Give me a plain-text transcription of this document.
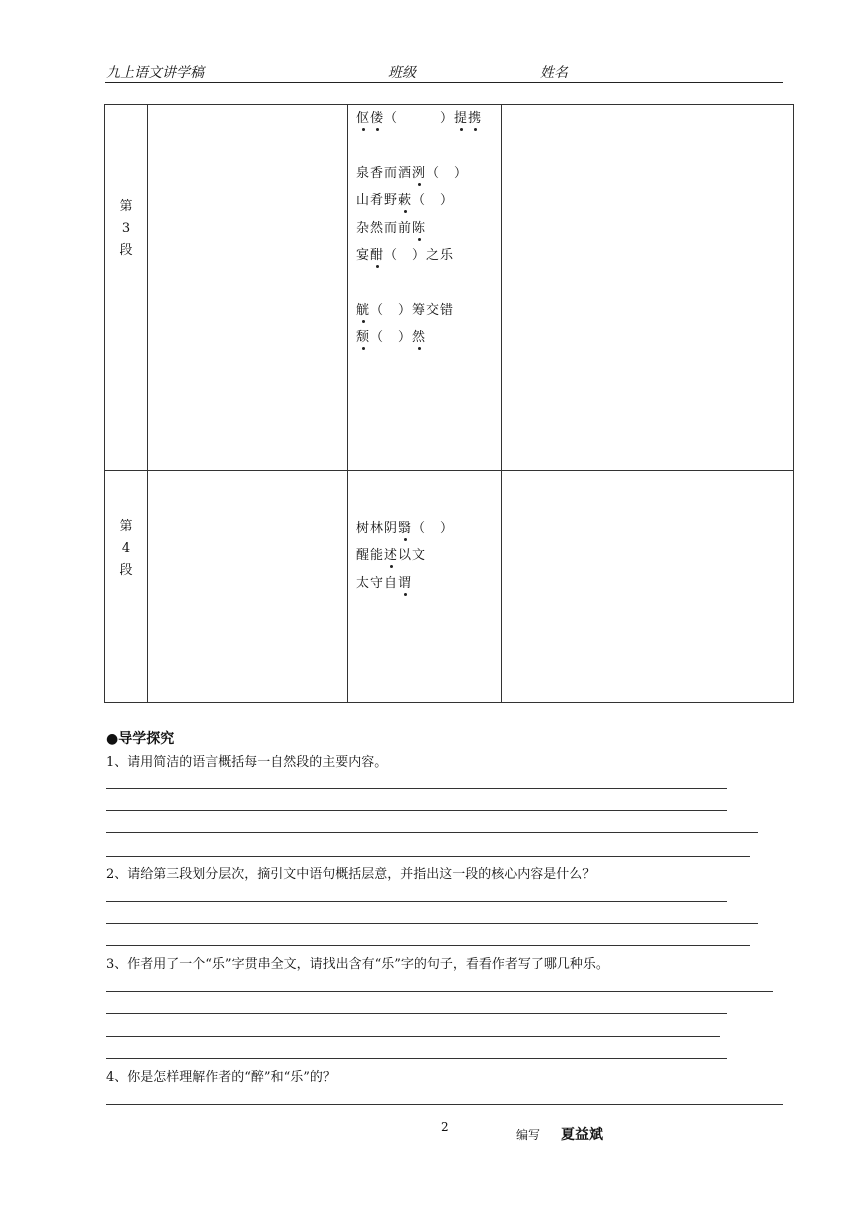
九上语文讲学稿	班级	姓名
第
3
段
第
4
段
伛偻（　　　）提携
泉香而酒洌（　）
山肴野蔌（　）
杂然而前陈
宴酣（　）之乐
觥（　）筹交错
颓（　）然
树林阴翳（　）
醒能述以文
太守自谓
●导学探究
1、请用简洁的语言概括每一自然段的主要内容。
2、请给第三段划分层次，摘引文中语句概括层意，并指出这一段的核心内容是什么？
3、作者用了一个“乐”字贯串全文，请找出含有“乐”字的句子，看看作者写了哪几种乐。
4、你是怎样理解作者的“醉”和“乐”的？
2
编写 夏益斌
